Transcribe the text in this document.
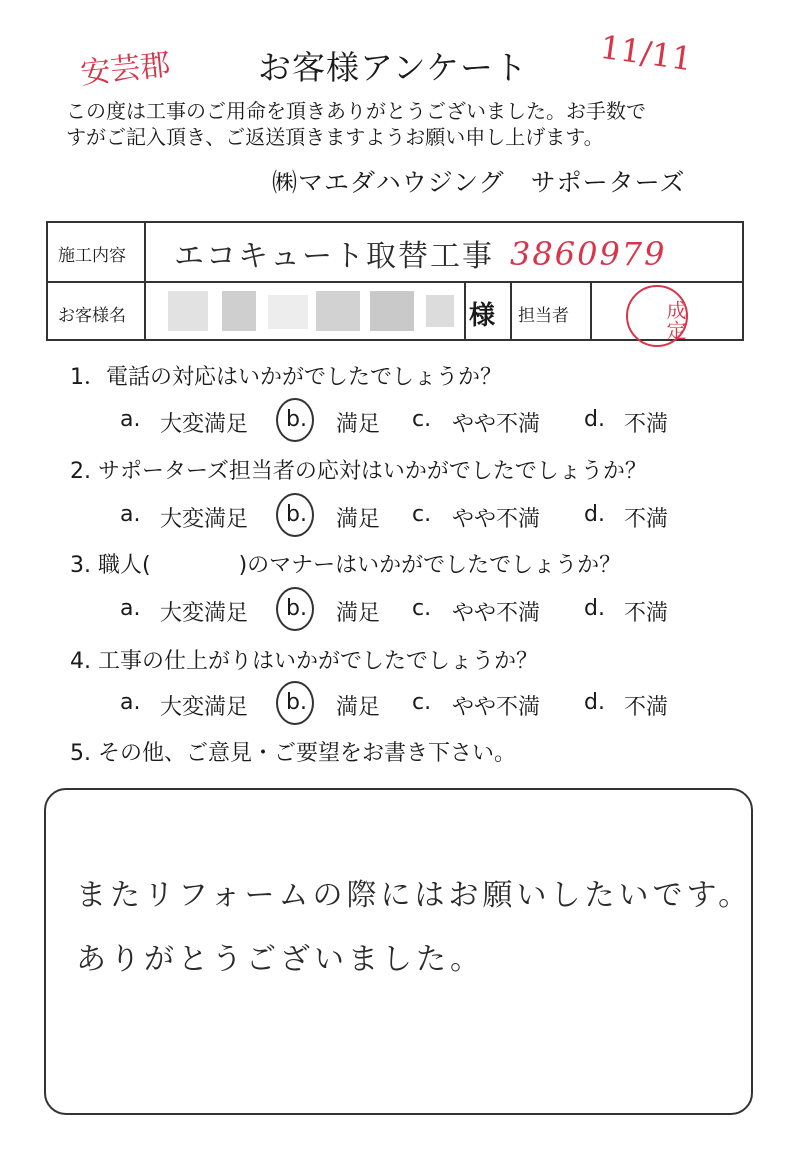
安芸郡	11/11
お客様アンケート
この度は工事のご用命を頂きありがとうございました。お手数で
すがご記入頂き、ご返送頂きますようお願い申し上げます。
㈱マエダハウジング　サポーターズ
施工内容 エコキュート取替工事 3860979
お客様名	様 担当者	成定
1．電話の対応はいかがでしたでしょうか？
a. 大変満足 b. 満足 c. やや不満 d. 不満
2. サポーターズ担当者の応対はいかがでしたでしょうか？
a. 大変満足 b. 満足 c. やや不満 d. 不満
3. 職人(　　　　)のマナーはいかがでしたでしょうか？
a. 大変満足 b. 満足 c. やや不満 d. 不満
4. 工事の仕上がりはいかがでしたでしょうか？
a. 大変満足 b. 満足 c. やや不満 d. 不満
5. その他、ご意見・ご要望をお書き下さい。
またリフォームの際にはお願いしたいです。
ありがとうございました。
